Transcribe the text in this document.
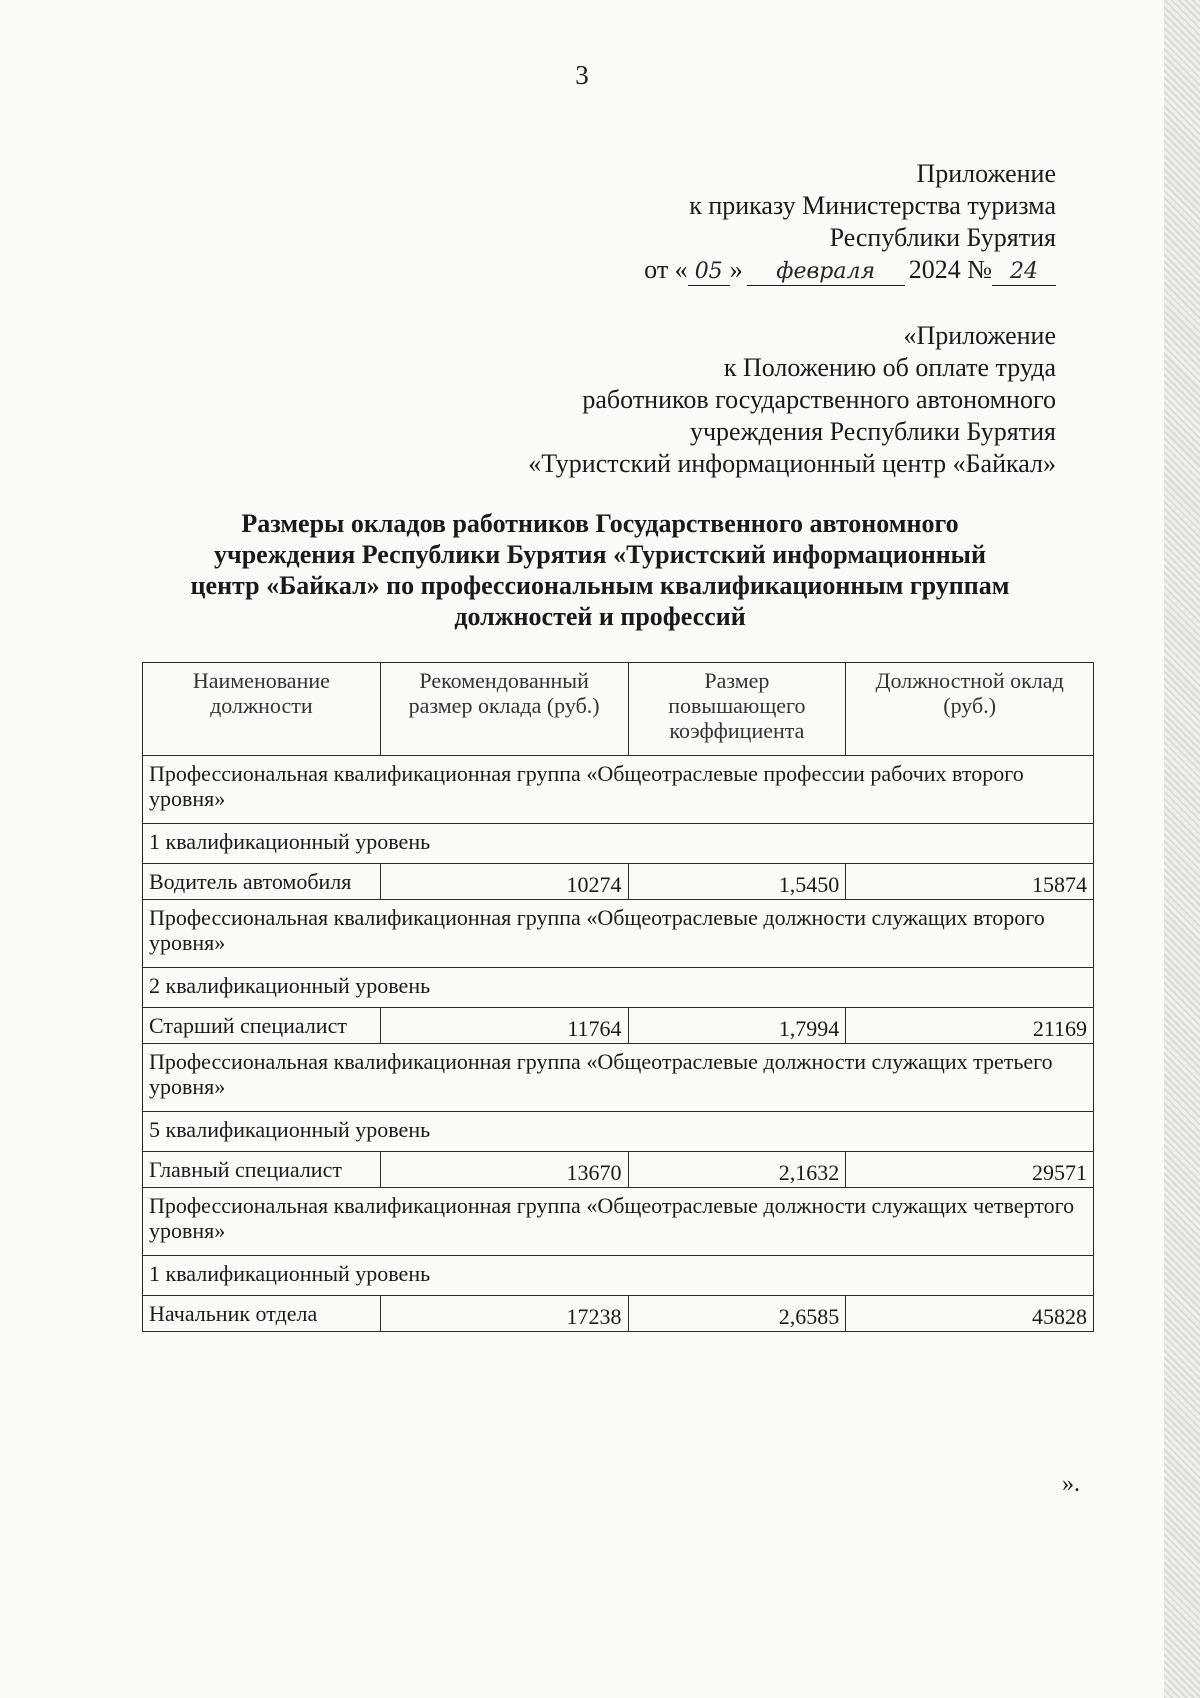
3
Приложение
к приказу Министерства туризма
Республики Бурятия
от « 05 » февраля 2024 № 24
«Приложение
к Положению об оплате труда
работников государственного автономного
учреждения Республики Бурятия
«Туристский информационный центр «Байкал»
Размеры окладов работников Государственного автономного
учреждения Республики Бурятия «Туристский информационный
центр «Байкал» по профессиональным квалификационным группам
должностей и профессий
Наименование должности	Рекомендованный размер оклада (руб.)	Размер повышающего коэффициента	Должностной оклад (руб.)
Профессиональная квалификационная группа «Общеотраслевые профессии рабочих второго уровня»			
1 квалификационный уровень			
Водитель автомобиля	10274	1,5450	15874
Профессиональная квалификационная группа «Общеотраслевые должности служащих второго уровня»			
2 квалификационный уровень			
Старший специалист	11764	1,7994	21169
Профессиональная квалификационная группа «Общеотраслевые должности служащих третьего уровня»			
5 квалификационный уровень			
Главный специалист	13670	2,1632	29571
Профессиональная квалификационная группа «Общеотраслевые должности служащих четвертого уровня»			
1 квалификационный уровень			
Начальник отдела	17238	2,6585	45828
».
